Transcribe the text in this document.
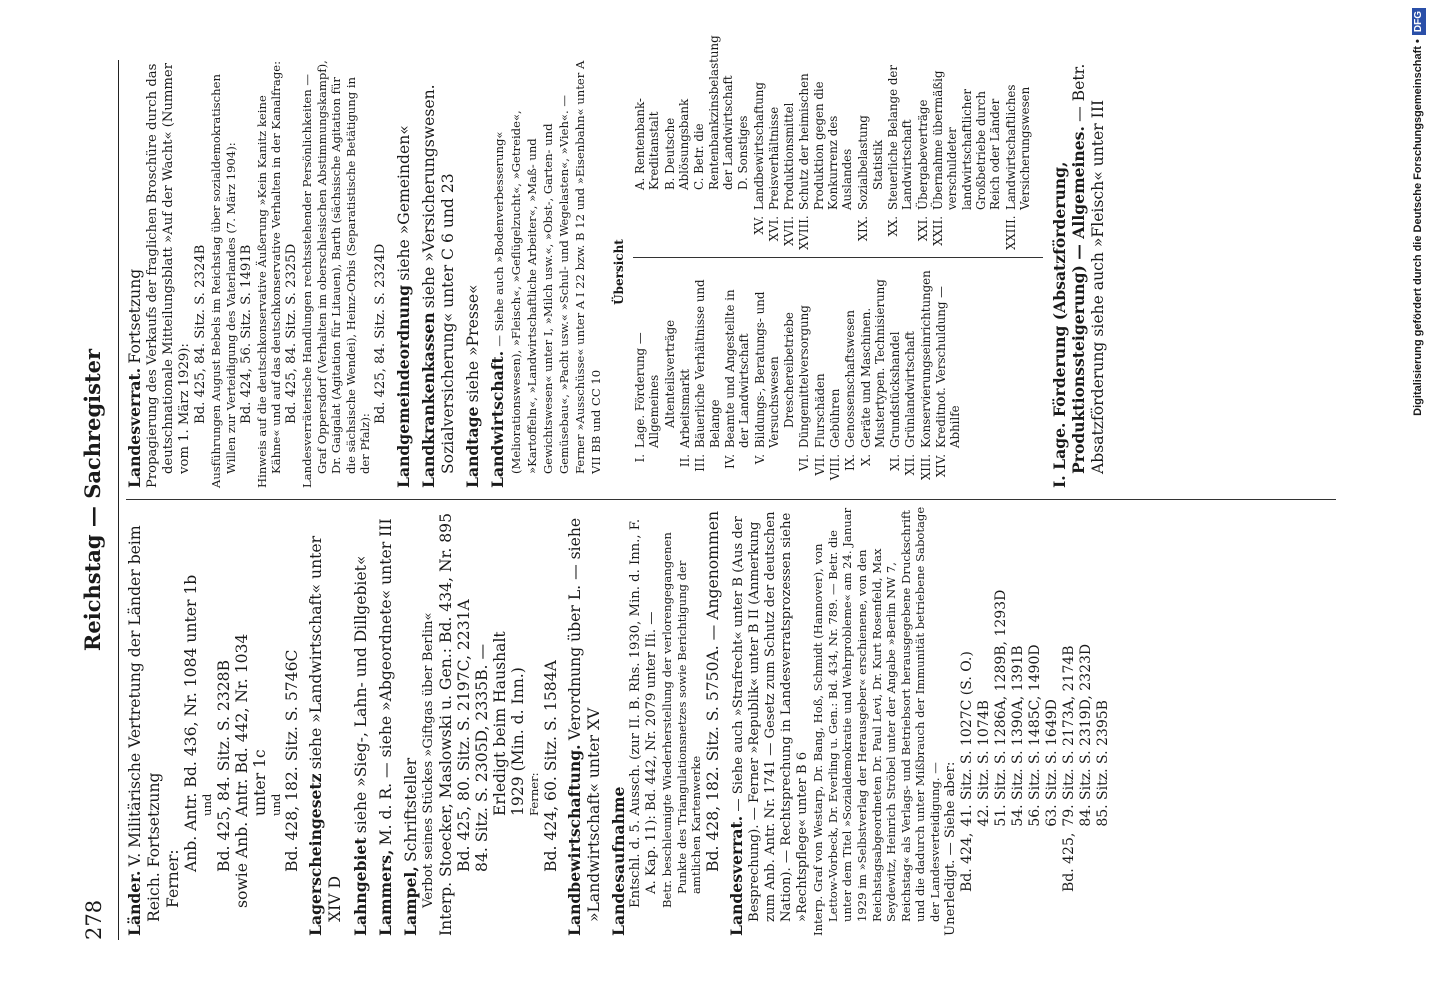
Digitalisierung gefördert durch die Deutsche Forschungsgemeinschaft •DFG
278
Reichstag — Sachregister
Länder. V. Militärische Vertretung der Länder beim Reich. Fortsetzung Ferner:
Anb. Antr. Bd. 436, Nr. 1084 unter 1b und Bd. 425, 84. Sitz. S. 2328B sowie Anb. Antr. Bd. 442, Nr. 1034 unter 1c und Bd. 428, 182. Sitz. S. 5746C Lagerscheingesetz siehe »Landwirtschaft« unter XIV D Lahngebiet siehe »Sieg-, Lahn- und Dillgebiet«
Lammers, M. d. R. — siehe »Abgeordnete« unter III
Lampel, Schriftsteller Verbot seines Stückes »Giftgas über Berlin« Interp. Stoecker, Maslowski u. Gen.: Bd. 434, Nr. 895 Bd. 425, 80. Sitz. S. 2197C, 2231A 84. Sitz. S. 2305D, 2335B. — Erledigt beim Haushalt 1929 (Min. d. Inn.) Ferner: Bd. 424, 60. Sitz. S. 1584A Landbewirtschaftung. Verordnung über L. — siehe »Landwirtschaft« unter XV Landesaufnahme Entschl. d. 5. Aussch. (zur II. B. Rhs. 1930, Min. d. Inn., F. A. Kap. 11): Bd. 442, Nr. 2079 unter IIi. — Betr. beschleunigte Wiederherstellung der verlorengegangenen Punkte des Triangulationsnetzes sowie Berichtigung der amtlichen Kartenwerke Bd. 428, 182. Sitz. S. 5750A. — Angenommen
Landesverrat. — Siehe auch »Strafrecht« unter B (Aus der Besprechung). — Ferner »Republik« unter B II (Anmerkung zum Anb. Antr. Nr. 1741 — Gesetz zum Schutz der deutschen Nation). — Rechtsprechung in Landesverratsprozessen siehe »Rechtspflege« unter B 6 Interp. Graf von Westarp, Dr. Bang, Hoß, Schmidt (Hannover), von Lettow-Vorbeck, Dr. Everling u. Gen.: Bd. 434, Nr. 789. — Betr. die unter dem Titel »Sozialdemokratie und Wehrprobleme« am 24. Januar 1929 im »Selbstverlag der Herausgeber« erschienene, von den Reichstagsabgeordneten Dr. Paul Levi, Dr. Kurt Rosenfeld, Max Seydewitz, Heinrich Ströbel unter der Angabe »Berlin NW 7, Reichstag« als Verlags- und Betriebsort herausgegebene Druckschrift und die dadurch unter Mißbrauch der Immunität betriebene Sabotage der Landesverteidigung. — Unerledigt. — Siehe aber: Bd. 424,	41. Sitz. S. 1027C (S. O.)
	42. Sitz. S. 1074B
	51. Sitz. S. 1286A, 1289B, 1293D
	54. Sitz. S. 1390A, 1391B
	56. Sitz. S. 1485C, 1490D
	63. Sitz. S. 1649D
Bd. 425,	79. Sitz. S. 2173A, 2174B
	84. Sitz. S. 2319D, 2323D
	85. Sitz. S. 2395B
Landesverrat. Fortsetzung Propagierung des Verkaufs der fraglichen Broschüre durch das deutschnationale Mitteilungsblatt »Auf der Wacht« (Nummer vom 1. März 1929): Bd. 425, 84. Sitz. S. 2324B Ausführungen August Bebels im Reichstag über sozialdemokratischen Willen zur Verteidigung des Vaterlandes (7. März 1904): Bd. 424, 56. Sitz. S. 1491B Hinweis auf die deutschkonservative Äußerung »Kein Kanitz keine Kähne« und auf das deutschkonservative Verhalten in der Kanalfrage: Bd. 425, 84. Sitz. S. 2325D Landesverräterische Handlungen rechtsstehender Persönlichkeiten — Graf Oppersdorf (Verhalten im oberschlesischen Abstimmungskampf), Dr. Gaigalat (Agitation für Litauen), Barth (sächsische Agitation für die sächsische Wendei), Heinz-Orbis (Separatistische Betätigung in der Pfalz):
Bd. 425, 84. Sitz. S. 2324D Landgemeindeordnung siehe »Gemeinden«
Landkrankenkassen siehe »Versicherungswesen. Sozialversicherung« unter C 6 und 23 Landtage siehe »Presse«
Landwirtschaft. — Siehe auch »Bodenverbesserung« (Meliorationswesen), »Fleisch«, »Geflügelzucht«, »Getreide«, »Kartoffeln«, »Landwirtschaftliche Arbeiter«, »Maß- und Gewichtswesen« unter I, »Milch usw.«, »Obst-, Garten- und Gemüsebau«, »Pacht usw.« »Schul- und Wegelasten«, »Vieh«. — Ferner »Ausschüsse« unter A I 22 bzw. B 12 und »Eisenbahn« unter A VII BB und CC 10
Übersicht
I.
Lage. Förderung — Allgemeines Altenteilsverträge
II.
Arbeitsmarkt
III.
Bäuerliche Verhältnisse und Belange
IV.
Beamte und Angestellte in der Landwirtschaft
V.
Bildungs-, Beratungs- und Versuchswesen Dreschereibetriebe
VI.
Düngemittelversorgung
VII.
Flurschäden
VIII.
Gebühren
IX.
Genossenschaftswesen
X.
Geräte und Maschinen. Mustertypen. Technisierung
XI.
Grundstückshandel
XII.
Grünlandwirtschaft
XIII.
Konservierungseinrichtungen
XIV.
Kreditnot. Verschuldung — Abhilfe
A. Rentenbank-Kreditanstalt B. Deutsche Ablösungsbank C. Betr. die Rentenbankzinsbelastung der Landwirtschaft D. Sonstiges
XV.
Landbewirtschaftung
XVI.
Preisverhältnisse
XVII.
Produktionsmittel
XVIII.
Schutz der heimischen Produktion gegen die Konkurrenz des Auslandes
XIX.
Sozialbelastung Statistik
XX.
Steuerliche Belange der Landwirtschaft
XXI.
Übergabeverträge
XXII.
Übernahme übermäßig verschuldeter landwirtschaftlicher Großbetriebe durch Reich oder Länder
XXIII.
Landwirtschaftliches Versicherungswesen
I. Lage. Förderung (Absatzförderung, Produktionssteigerung) — Allgemeines. — Betr. Absatzförderung siehe auch »Fleisch« unter III
